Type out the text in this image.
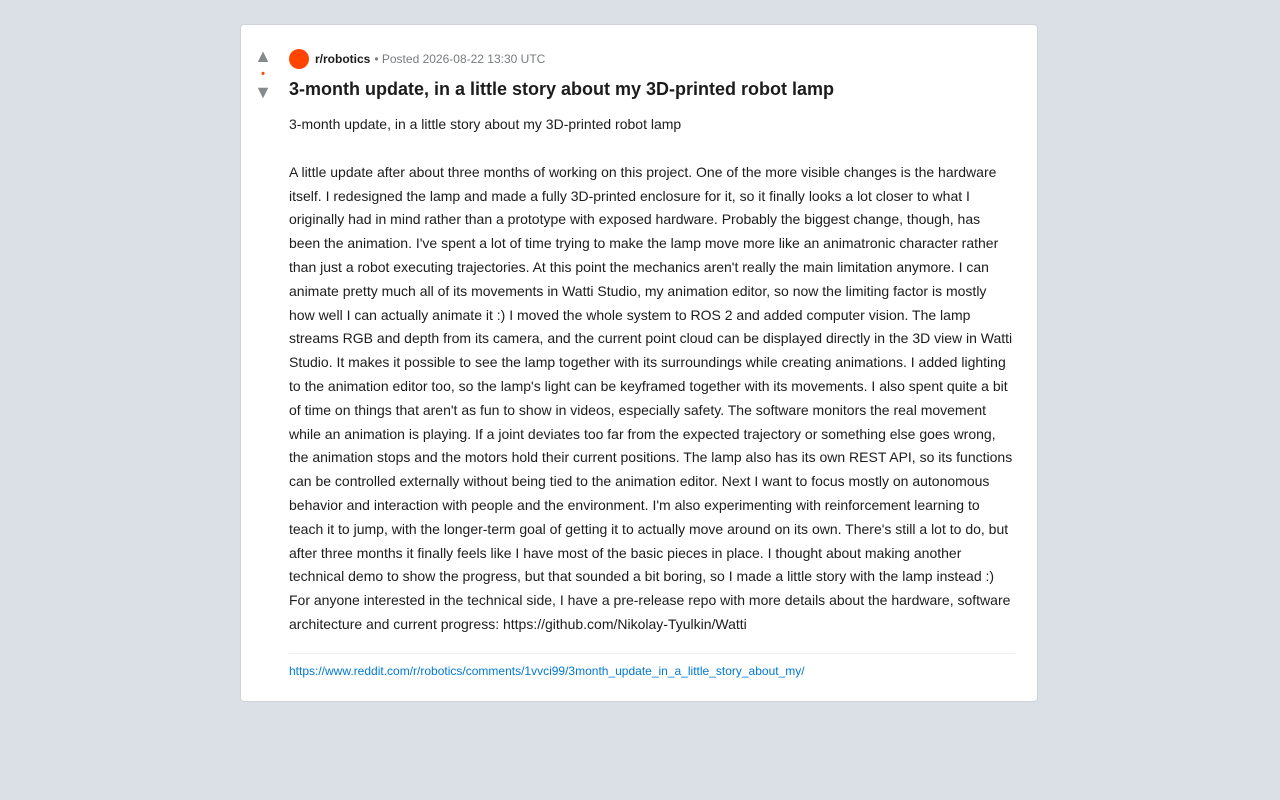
▲
•
▼
r/robotics • Posted 2026-08-22 13:30 UTC
3-month update, in a little story about my 3D-printed robot lamp

3-month update, in a little story about my 3D-printed robot lamp

A little update after about three months of working on this project. One of the more visible changes is the hardware itself. I redesigned the lamp and made a fully 3D-printed enclosure for it, so it finally looks a lot closer to what I originally had in mind rather than a prototype with exposed hardware. Probably the biggest change, though, has been the animation. I've spent a lot of time trying to make the lamp move more like an animatronic character rather than just a robot executing trajectories. At this point the mechanics aren't really the main limitation anymore. I can animate pretty much all of its movements in Watti Studio, my animation editor, so now the limiting factor is mostly how well I can actually animate it :) I moved the whole system to ROS 2 and added computer vision. The lamp streams RGB and depth from its camera, and the current point cloud can be displayed directly in the 3D view in Watti Studio. It makes it possible to see the lamp together with its surroundings while creating animations. I added lighting to the animation editor too, so the lamp's light can be keyframed together with its movements. I also spent quite a bit of time on things that aren't as fun to show in videos, especially safety. The software monitors the real movement while an animation is playing. If a joint deviates too far from the expected trajectory or something else goes wrong, the animation stops and the motors hold their current positions. The lamp also has its own REST API, so its functions can be controlled externally without being tied to the animation editor. Next I want to focus mostly on autonomous behavior and interaction with people and the environment. I'm also experimenting with reinforcement learning to teach it to jump, with the longer-term goal of getting it to actually move around on its own. There's still a lot to do, but after three months it finally feels like I have most of the basic pieces in place. I thought about making another technical demo to show the progress, but that sounded a bit boring, so I made a little story with the lamp instead :) For anyone interested in the technical side, I have a pre-release repo with more details about the hardware, software architecture and current progress: https://github.com/Nikolay-Tyulkin/Watti

https://www.reddit.com/r/robotics/comments/1vvci99/3month_update_in_a_little_story_about_my/
